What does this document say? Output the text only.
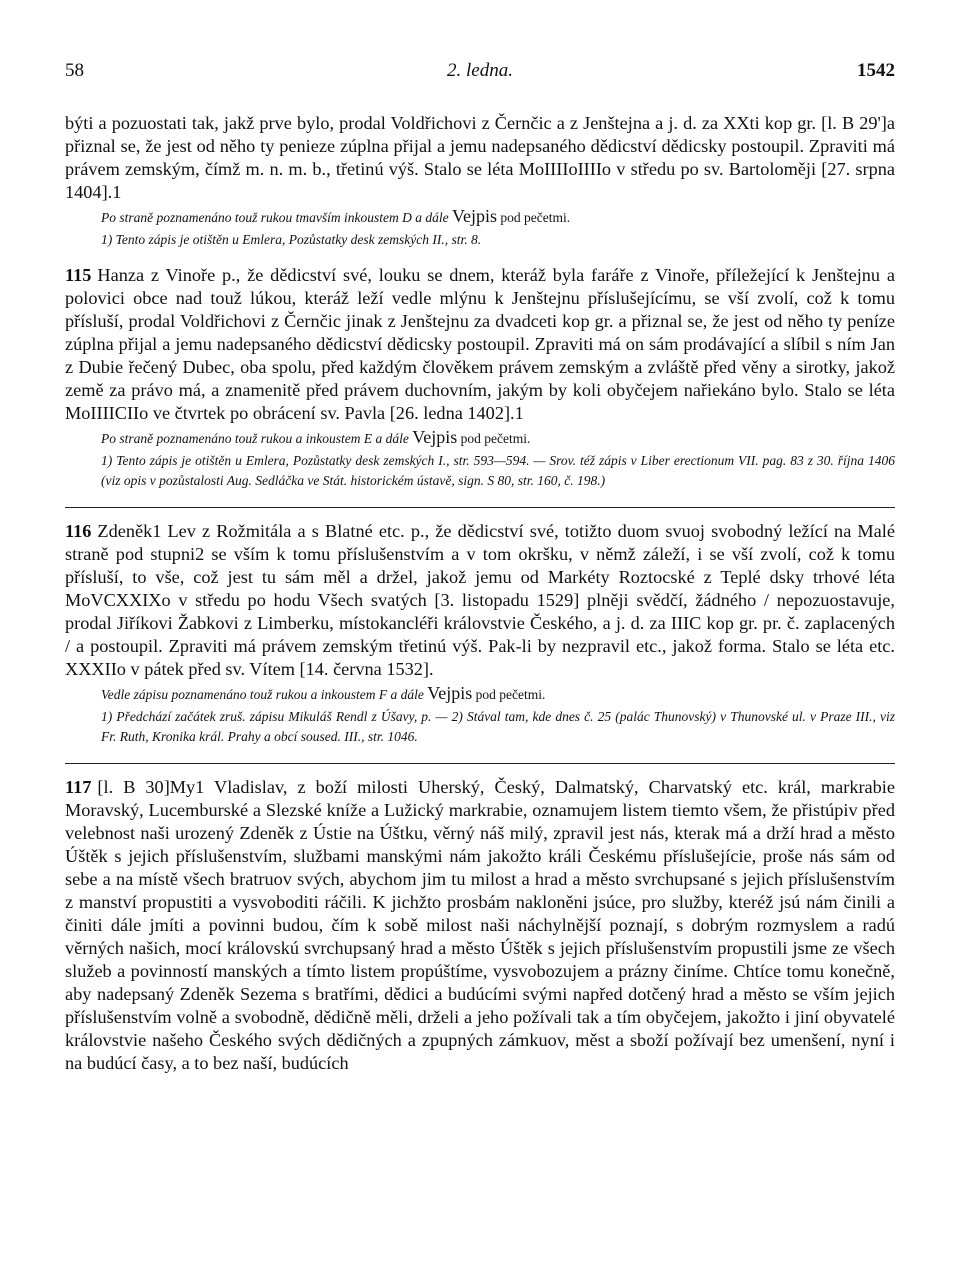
58	2. ledna.	1542

býti a pozuostati tak, jakž prve bylo, prodal Voldřichovi z Černčic a z Jenštejna a j. d. za XXti kop gr. [l. B 29']a přiznal se, že jest od něho ty penieze zúplna přijal a jemu nadepsaného dědicství dědicsky postoupil. Zpraviti má právem zemským, čímž m. n. m. b., třetinú výš. Stalo se léta MoIIIIoIIIIo v středu po sv. Bartoloměji [27. srpna 1404].1

Po straně poznamenáno touž rukou tmavším inkoustem D a dále Vejpis pod pečetmi.
1) Tento zápis je otištěn u Emlera, Pozůstatky desk zemských II., str. 8.

115 Hanza z Vinoře p., že dědicství své, louku se dnem, kteráž byla faráře z Vinoře, příležející k Jenštejnu a polovici obce nad touž lúkou, kteráž leží vedle mlýnu k Jenštejnu příslušejícímu, se vší zvolí, což k tomu přísluší, prodal Voldřichovi z Černčic jinak z Jenštejnu za dvadceti kop gr. a přiznal se, že jest od něho ty peníze zúplna přijal a jemu nadepsaného dědicství dědicsky postoupil. Zpraviti má on sám prodávající a slíbil s ním Jan z Dubie řečený Dubec, oba spolu, před každým člověkem právem zemským a zvláště před věny a sirotky, jakož země za právo má, a znamenitě před právem duchovním, jakým by koli obyčejem nařiekáno bylo. Stalo se léta MoIIIICIIo ve čtvrtek po obrácení sv. Pavla [26. ledna 1402].1

Po straně poznamenáno touž rukou a inkoustem E a dále Vejpis pod pečetmi.
1) Tento zápis je otištěn u Emlera, Pozůstatky desk zemských I., str. 593—594. — Srov. též zápis v Liber erectionum VII. pag. 83 z 30. října 1406 (viz opis v pozůstalosti Aug. Sedláčka ve Stát. historickém ústavě, sign. S 80, str. 160, č. 198.)

116 Zdeněk1 Lev z Rožmitála a s Blatné etc. p., že dědicství své, totižto duom svuoj svobodný ležící na Malé straně pod stupni2 se vším k tomu příslušenstvím a v tom okršku, v němž záleží, i se vší zvolí, což k tomu přísluší, to vše, což jest tu sám měl a držel, jakož jemu od Markéty Roztocské z Teplé dsky trhové léta MoVCXXIXo v středu po hodu Všech svatých [3. listopadu 1529] plněji svědčí, žádného / nepozuostavuje, prodal Jiříkovi Žabkovi z Limberku, místokancléři královstvie Českého, a j. d. za IIIC kop gr. pr. č. zaplacených / a postoupil. Zpraviti má právem zemským třetinú výš. Pak-li by nezpravil etc., jakož forma. Stalo se léta etc. XXXIIo v pátek před sv. Vítem [14. června 1532].

Vedle zápisu poznamenáno touž rukou a inkoustem F a dále Vejpis pod pečetmi.
1) Předchází začátek zruš. zápisu Mikuláš Rendl z Úšavy, p. — 2) Stával tam, kde dnes č. 25 (palác Thunovský) v Thunovské ul. v Praze III., viz Fr. Ruth, Kronika král. Prahy a obcí soused. III., str. 1046.

117 [l. B 30]My1 Vladislav, z boží milosti Uherský, Český, Dalmatský, Charvatský etc. král, markrabie Moravský, Lucemburské a Slezské kníže a Lužický markrabie, oznamujem listem tiemto všem, že přistúpiv před velebnost naši urozený Zdeněk z Ústie na Úštku, věrný náš milý, zpravil jest nás, kterak má a drží hrad a město Úštěk s jejich příslušenstvím, službami manskými nám jakožto králi Českému příslušejície, proše nás sám od sebe a na místě všech bratruov svých, abychom jim tu milost a hrad a město svrchupsané s jejich příslušenstvím z manství propustiti a vysvoboditi ráčili. K jichžto prosbám nakloněni jsúce, pro služby, kteréž jsú nám činili a činiti dále jmíti a povinni budou, čím k sobě milost naši náchylnější poznají, s dobrým rozmyslem a radú věrných našich, mocí královskú svrchupsaný hrad a město Úštěk s jejich příslušenstvím propustili jsme ze všech služeb a povinností manských a tímto listem propúštíme, vysvobozujem a prázny činíme. Chtíce tomu konečně, aby nadepsaný Zdeněk Sezema s bratřími, dědici a budúcími svými napřed dotčený hrad a město se vším jejich příslušenstvím volně a svobodně, dědičně měli, drželi a jeho požívali tak a tím obyčejem, jakožto i jiní obyvatelé královstvie našeho Českého svých dědičných a zpupných zámkuov, měst a sboží požívají bez umenšení, nyní i na budúcí časy, a to bez naší, budúcích
